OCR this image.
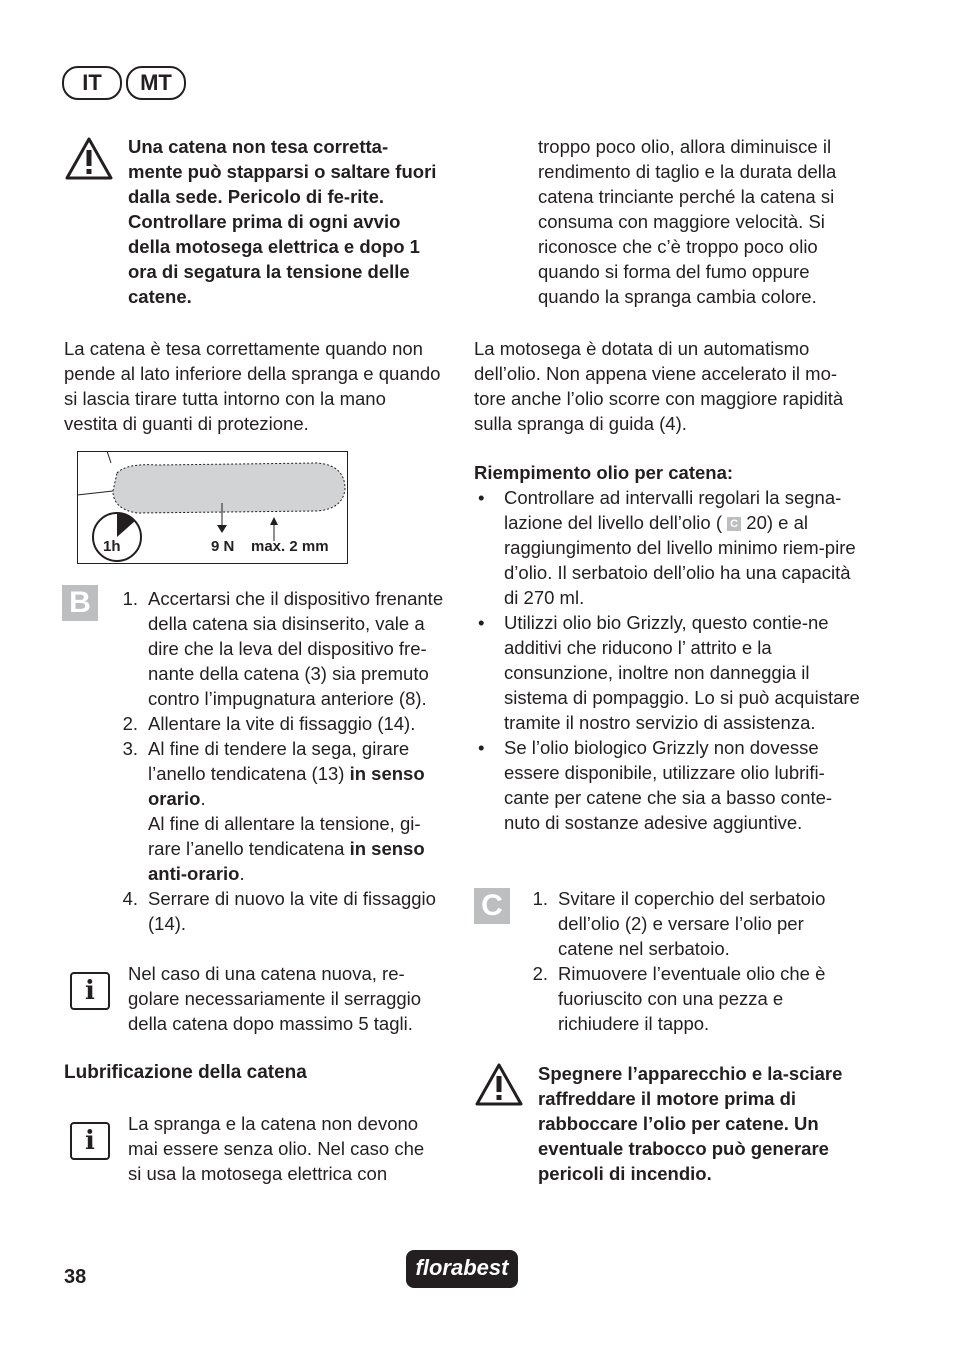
IT	MT
Una catena non tesa corretta-mente può stapparsi o saltare fuori dalla sede. Pericolo di fe-rite. Controllare prima di ogni avvio della motosega elettrica e dopo 1 ora di segatura la tensione delle catene.
La catena è tesa correttamente quando non pende al lato inferiore della spranga e quando si lascia tirare tutta intorno con la mano vestita di guanti di protezione.
1h	9 N max. 2 mm
B	1. Accertarsi che il dispositivo frenante della catena sia disinserito, vale a dire che la leva del dispositivo fre-nante della catena (3) sia premuto contro l’impugnatura anteriore (8).
2. Allentare la vite di fissaggio (14).
3. Al fine di tendere la sega, girare l’anello tendicatena (13) in senso orario.
Al fine di allentare la tensione, gi-rare l’anello tendicatena in senso anti-orario.
4. Serrare di nuovo la vite di fissaggio (14).
i
Nel caso di una catena nuova, re-golare necessariamente il serraggio della catena dopo massimo 5 tagli.
Lubrificazione della catena
i
La spranga e la catena non devono mai essere senza olio. Nel caso che si usa la motosega elettrica con
troppo poco olio, allora diminuisce il rendimento di taglio e la durata della catena trinciante perché la catena si consuma con maggiore velocità. Si riconosce che c’è troppo poco olio quando si forma del fumo oppure quando la spranga cambia colore.
La motosega è dotata di un automatismo dell’olio. Non appena viene accelerato il mo-tore anche l’olio scorre con maggiore rapidità sulla spranga di guida (4).
Riempimento olio per catena:
• Controllare ad intervalli regolari la segna-lazione del livello dell’olio ( C 20) e al raggiungimento del livello minimo riem-pire d’olio. Il serbatoio dell’olio ha una capacità di 270 ml.
• Utilizzi olio bio Grizzly, questo contie-ne additivi che riducono l’ attrito e la consunzione, inoltre non danneggia il sistema di pompaggio. Lo si può acquistare tramite il nostro servizio di assistenza.
• Se l’olio biologico Grizzly non dovesse essere disponibile, utilizzare olio lubrifi-cante per catene che sia a basso conte-nuto di sostanze adesive aggiuntive.
C	1. Svitare il coperchio del serbatoio dell’olio (2) e versare l’olio per catene nel serbatoio.
2. Rimuovere l’eventuale olio che è fuoriuscito con una pezza e richiudere il tappo.
Spegnere l’apparecchio e la-sciare raffreddare il motore prima di rabboccare l’olio per catene. Un eventuale trabocco può generare pericoli di incendio.
38	florabest
